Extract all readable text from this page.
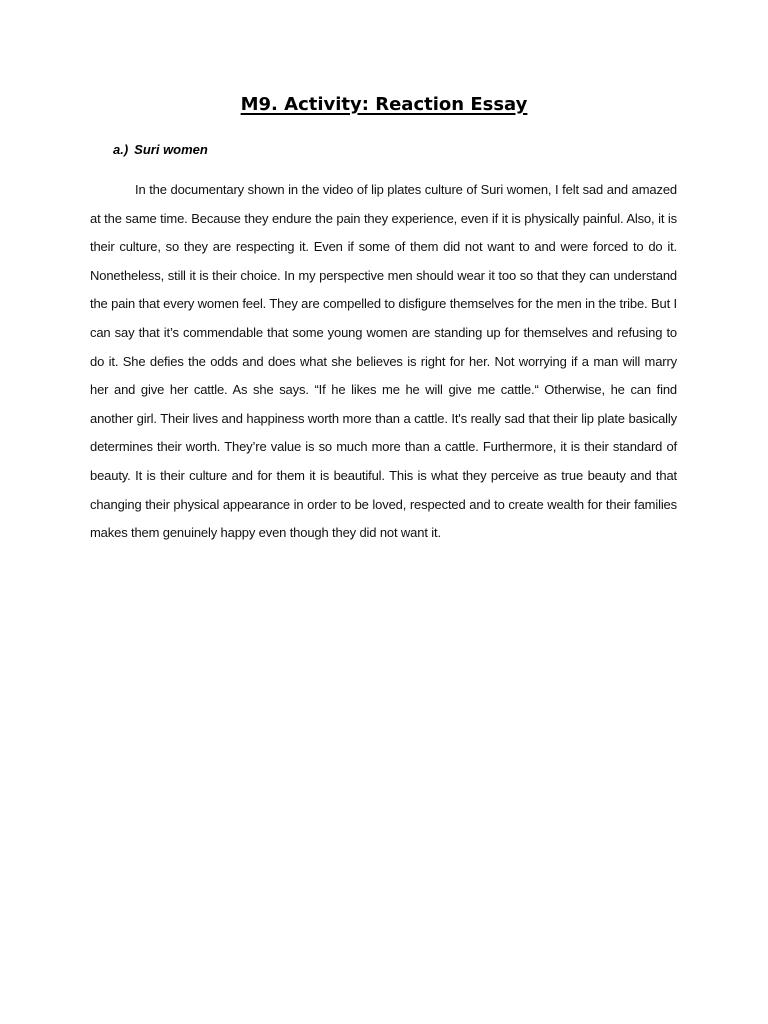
M9. Activity: Reaction Essay
a.) Suri women

In the documentary shown in the video of lip plates culture of Suri women, I felt sad and amazed at the same time. Because they endure the pain they experience, even if it is physically painful. Also, it is their culture, so they are respecting it. Even if some of them did not want to and were forced to do it. Nonetheless, still it is their choice. In my perspective men should wear it too so that they can understand the pain that every women feel. They are compelled to disfigure themselves for the men in the tribe. But I can say that it’s commendable that some young women are standing up for themselves and refusing to do it. She defies the odds and does what she believes is right for her. Not worrying if a man will marry her and give her cattle. As she says. “If he likes me he will give me cattle.“ Otherwise, he can find another girl. Their lives and happiness worth more than a cattle. It's really sad that their lip plate basically determines their worth. They’re value is so much more than a cattle. Furthermore, it is their standard of beauty. It is their culture and for them it is beautiful. This is what they perceive as true beauty and that changing their physical appearance in order to be loved, respected and to create wealth for their families makes them genuinely happy even though they did not want it.
